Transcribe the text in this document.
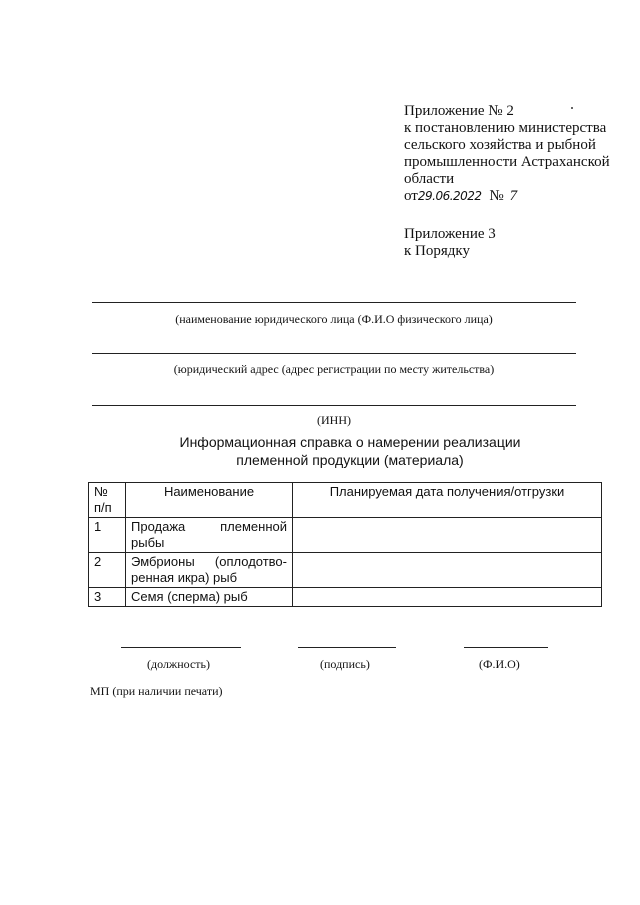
Приложение № 2
к постановлению министерства
сельского хозяйства и рыбной
промышленности Астраханской
области
от29.06.2022 № 7
Приложение 3
к Порядку
(наименование юридического лица (Ф.И.О физического лица)
(юридический адрес (адрес регистрации по месту жительства)
(ИНН)
Информационная справка о намерении реализации
племенной продукции (материала)
№ п/п	Наименование	Планируемая дата получения/отгрузки
1	Продажа племенной рыбы	
2	Эмбрионы (оплодотво-ренная икра) рыб	
3	Семя (сперма) рыб	
(должность)	(подпись)	(Ф.И.О)
МП (при наличии печати)
